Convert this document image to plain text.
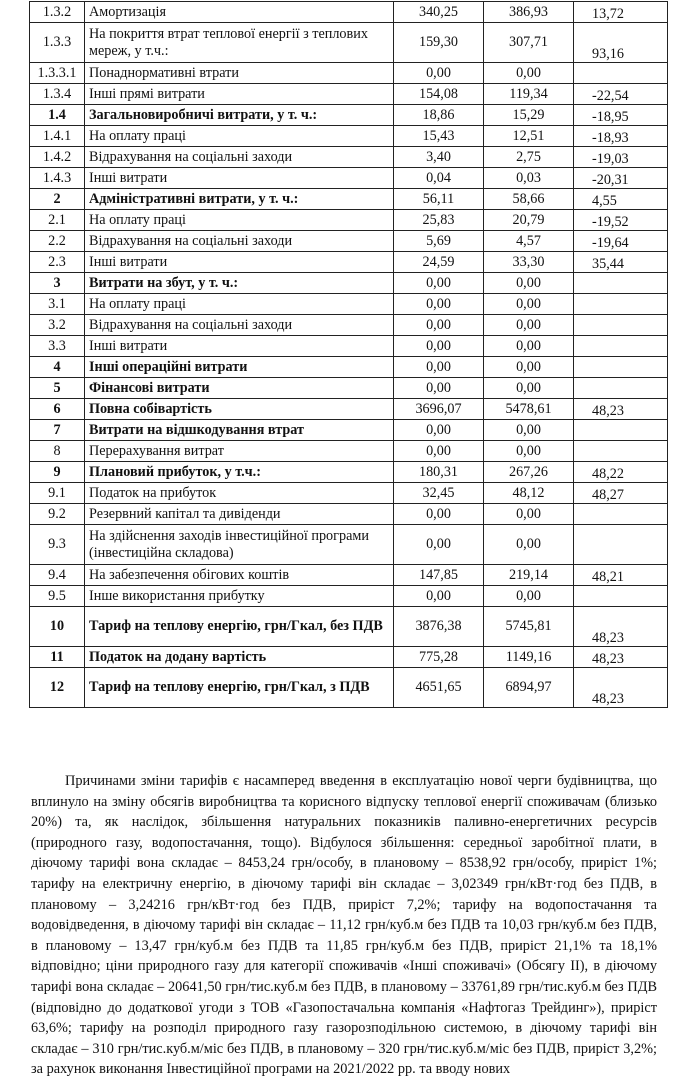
1.3.2	Амортизація	340,25	386,93	13,72
1.3.3	На покриття втрат теплової енергії з теплових мереж, у т.ч.:	159,30	307,71	93,16
1.3.3.1	Понаднормативні втрати	0,00	0,00	
1.3.4	Інші прямі витрати	154,08	119,34	-22,54
1.4	Загальновиробничі витрати, у т. ч.:	18,86	15,29	-18,95
1.4.1	На оплату праці	15,43	12,51	-18,93
1.4.2	Відрахування на соціальні заходи	3,40	2,75	-19,03
1.4.3	Інші витрати	0,04	0,03	-20,31
2	Адміністративні витрати, у т. ч.:	56,11	58,66	4,55
2.1	На оплату праці	25,83	20,79	-19,52
2.2	Відрахування на соціальні заходи	5,69	4,57	-19,64
2.3	Інші витрати	24,59	33,30	35,44
3	Витрати на збут, у т. ч.:	0,00	0,00	
3.1	На оплату праці	0,00	0,00	
3.2	Відрахування на соціальні заходи	0,00	0,00	
3.3	Інші витрати	0,00	0,00	
4	Інші операційні витрати	0,00	0,00	
5	Фінансові витрати	0,00	0,00	
6	Повна собівартість	3696,07	5478,61	48,23
7	Витрати на відшкодування втрат	0,00	0,00	
8	Перерахування витрат	0,00	0,00	
9	Плановий прибуток, у т.ч.:	180,31	267,26	48,22
9.1	Податок на прибуток	32,45	48,12	48,27
9.2	Резервний капітал та дивіденди	0,00	0,00	
9.3	На здійснення заходів інвестиційної програми (інвестиційна складова)	0,00	0,00	
9.4	На забезпечення обігових коштів	147,85	219,14	48,21
9.5	Інше використання прибутку	0,00	0,00	
10	Тариф на теплову енергію, грн/Гкал, без ПДВ	3876,38	5745,81	48,23
11	Податок на додану вартість	775,28	1149,16	48,23
12	Тариф на теплову енергію, грн/Гкал, з ПДВ	4651,65	6894,97	48,23

Причинами зміни тарифів є насамперед введення в експлуатацію нової черги будівництва, що вплинуло на зміну обсягів виробництва та корисного відпуску теплової енергії споживачам (близько 20%) та, як наслідок, збільшення натуральних показників паливно-енергетичних ресурсів (природного газу, водопостачання, тощо). Відбулося збільшення: середньої заробітної плати, в діючому тарифі вона складає – 8453,24 грн/особу, в плановому – 8538,92 грн/особу, приріст 1%; тарифу на електричну енергію, в діючому тарифі він складає – 3,02349 грн/кВт·год без ПДВ, в плановому – 3,24216 грн/кВт·год без ПДВ, приріст 7,2%; тарифу на водопостачання та водовідведення, в діючому тарифі він складає – 11,12 грн/куб.м без ПДВ та 10,03 грн/куб.м без ПДВ, в плановому – 13,47 грн/куб.м без ПДВ та 11,85 грн/куб.м без ПДВ, приріст 21,1% та 18,1% відповідно; ціни природного газу для категорії споживачів «Інші споживачі» (Обсягу ІІ), в діючому тарифі вона складає – 20641,50 грн/тис.куб.м без ПДВ, в плановому – 33761,89 грн/тис.куб.м без ПДВ (відповідно до додаткової угоди з ТОВ «Газопостачальна компанія «Нафтогаз Трейдинг»), приріст 63,6%; тарифу на розподіл природного газу газорозподільною системою, в діючому тарифі він складає – 310 грн/тис.куб.м/міс без ПДВ, в плановому – 320 грн/тис.куб.м/міс без ПДВ, приріст 3,2%; за рахунок виконання Інвестиційної програми на 2021/2022 рр. та вводу нових
